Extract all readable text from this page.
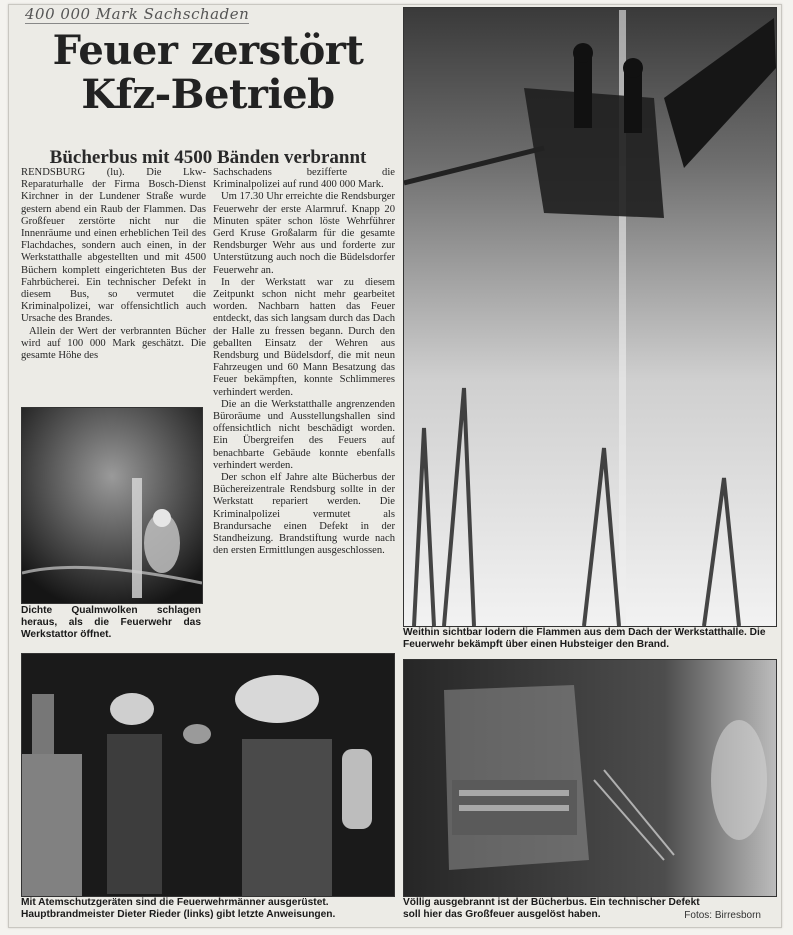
400 000 Mark Sachschaden
Feuer zerstört Kfz-Betrieb
Bücherbus mit 4500 Bänden verbrannt

RENDSBURG (lu). Die Lkw-Reparaturhalle der Firma Bosch-Dienst Kirchner in der Lundener Straße wurde gestern abend ein Raub der Flammen. Das Großfeuer zerstörte nicht nur die Innenräume und einen erheblichen Teil des Flachdaches, sondern auch einen, in der Werkstatthalle abgestellten und mit 4500 Büchern komplett eingerichteten Bus der Fahrbücherei. Ein technischer Defekt in diesem Bus, so vermutet die Kriminalpolizei, war offensichtlich auch Ursache des Brandes.

Allein der Wert der verbrannten Bücher wird auf 100 000 Mark geschätzt. Die gesamte Höhe des

Sachschadens bezifferte die Kriminalpolizei auf rund 400 000 Mark.

Um 17.30 Uhr erreichte die Rendsburger Feuerwehr der erste Alarmruf. Knapp 20 Minuten später schon löste Wehrführer Gerd Kruse Großalarm für die gesamte Rendsburger Wehr aus und forderte zur Unterstützung auch noch die Büdelsdorfer Feuerwehr an.

In der Werkstatt war zu diesem Zeitpunkt schon nicht mehr gearbeitet worden. Nachbarn hatten das Feuer entdeckt, das sich langsam durch das Dach der Halle zu fressen begann. Durch den geballten Einsatz der Wehren aus Rendsburg und Büdelsdorf, die mit neun Fahrzeugen und 60 Mann Besatzung das Feuer bekämpften, konnte Schlimmeres verhindert werden.

Die an die Werkstatthalle angrenzenden Büroräume und Ausstellungshallen sind offensichtlich nicht beschädigt worden. Ein Übergreifen des Feuers auf benachbarte Gebäude konnte ebenfalls verhindert werden.

Der schon elf Jahre alte Bücherbus der Büchereizentrale Rendsburg sollte in der Werkstatt repariert werden. Die Kriminalpolizei vermutet als Brandursache einen Defekt in der Standheizung. Brandstiftung wurde nach den ersten Ermittlungen ausgeschlossen.

Dichte Qualmwolken schlagen heraus, als die Feuerwehr das Werkstattor öffnet.	Weithin sichtbar lodern die Flammen aus dem Dach der Werkstatthalle. Die Feuerwehr bekämpft über einen Hubsteiger den Brand.
Mit Atemschutzgeräten sind die Feuerwehrmänner ausgerüstet. Hauptbrandmeister Dieter Rieder (links) gibt letzte Anweisungen.
Völlig ausgebrannt ist der Bücherbus. Ein technischer Defekt soll hier das Großfeuer ausgelöst haben.	Fotos: Birresborn
